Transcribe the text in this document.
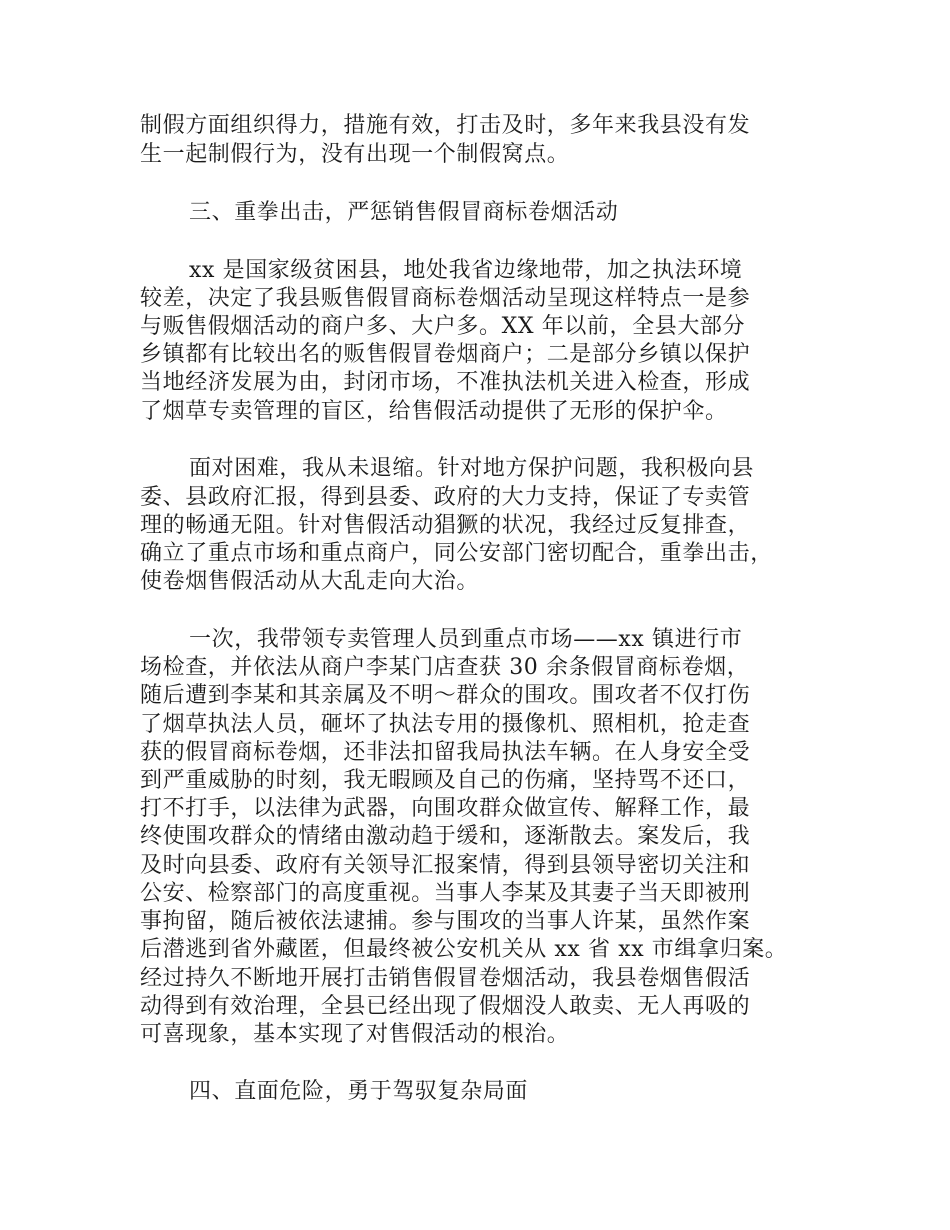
制假方面组织得力，措施有效，打击及时，多年来我县没有发
生一起制假行为，没有出现一个制假窝点。
三、重拳出击，严惩销售假冒商标卷烟活动
xx 是国家级贫困县，地处我省边缘地带，加之执法环境
较差，决定了我县贩售假冒商标卷烟活动呈现这样特点一是参
与贩售假烟活动的商户多、大户多。XX 年以前，全县大部分
乡镇都有比较出名的贩售假冒卷烟商户；二是部分乡镇以保护
当地经济发展为由，封闭市场，不准执法机关进入检查，形成
了烟草专卖管理的盲区，给售假活动提供了无形的保护伞。
面对困难，我从未退缩。针对地方保护问题，我积极向县
委、县政府汇报，得到县委、政府的大力支持，保证了专卖管
理的畅通无阻。针对售假活动猖獗的状况，我经过反复排查，
确立了重点市场和重点商户，同公安部门密切配合，重拳出击，
使卷烟售假活动从大乱走向大治。
一次，我带领专卖管理人员到重点市场——xx 镇进行市
场检查，并依法从商户李某门店查获 30 余条假冒商标卷烟，
随后遭到李某和其亲属及不明～群众的围攻。围攻者不仅打伤
了烟草执法人员，砸坏了执法专用的摄像机、照相机，抢走查
获的假冒商标卷烟，还非法扣留我局执法车辆。在人身安全受
到严重威胁的时刻，我无暇顾及自己的伤痛，坚持骂不还口，
打不打手，以法律为武器，向围攻群众做宣传、解释工作，最
终使围攻群众的情绪由激动趋于缓和，逐渐散去。案发后，我
及时向县委、政府有关领导汇报案情，得到县领导密切关注和
公安、检察部门的高度重视。当事人李某及其妻子当天即被刑
事拘留，随后被依法逮捕。参与围攻的当事人许某，虽然作案
后潜逃到省外藏匿，但最终被公安机关从 xx 省 xx 市缉拿归案。
经过持久不断地开展打击销售假冒卷烟活动，我县卷烟售假活
动得到有效治理，全县已经出现了假烟没人敢卖、无人再吸的
可喜现象，基本实现了对售假活动的根治。
四、直面危险，勇于驾驭复杂局面
